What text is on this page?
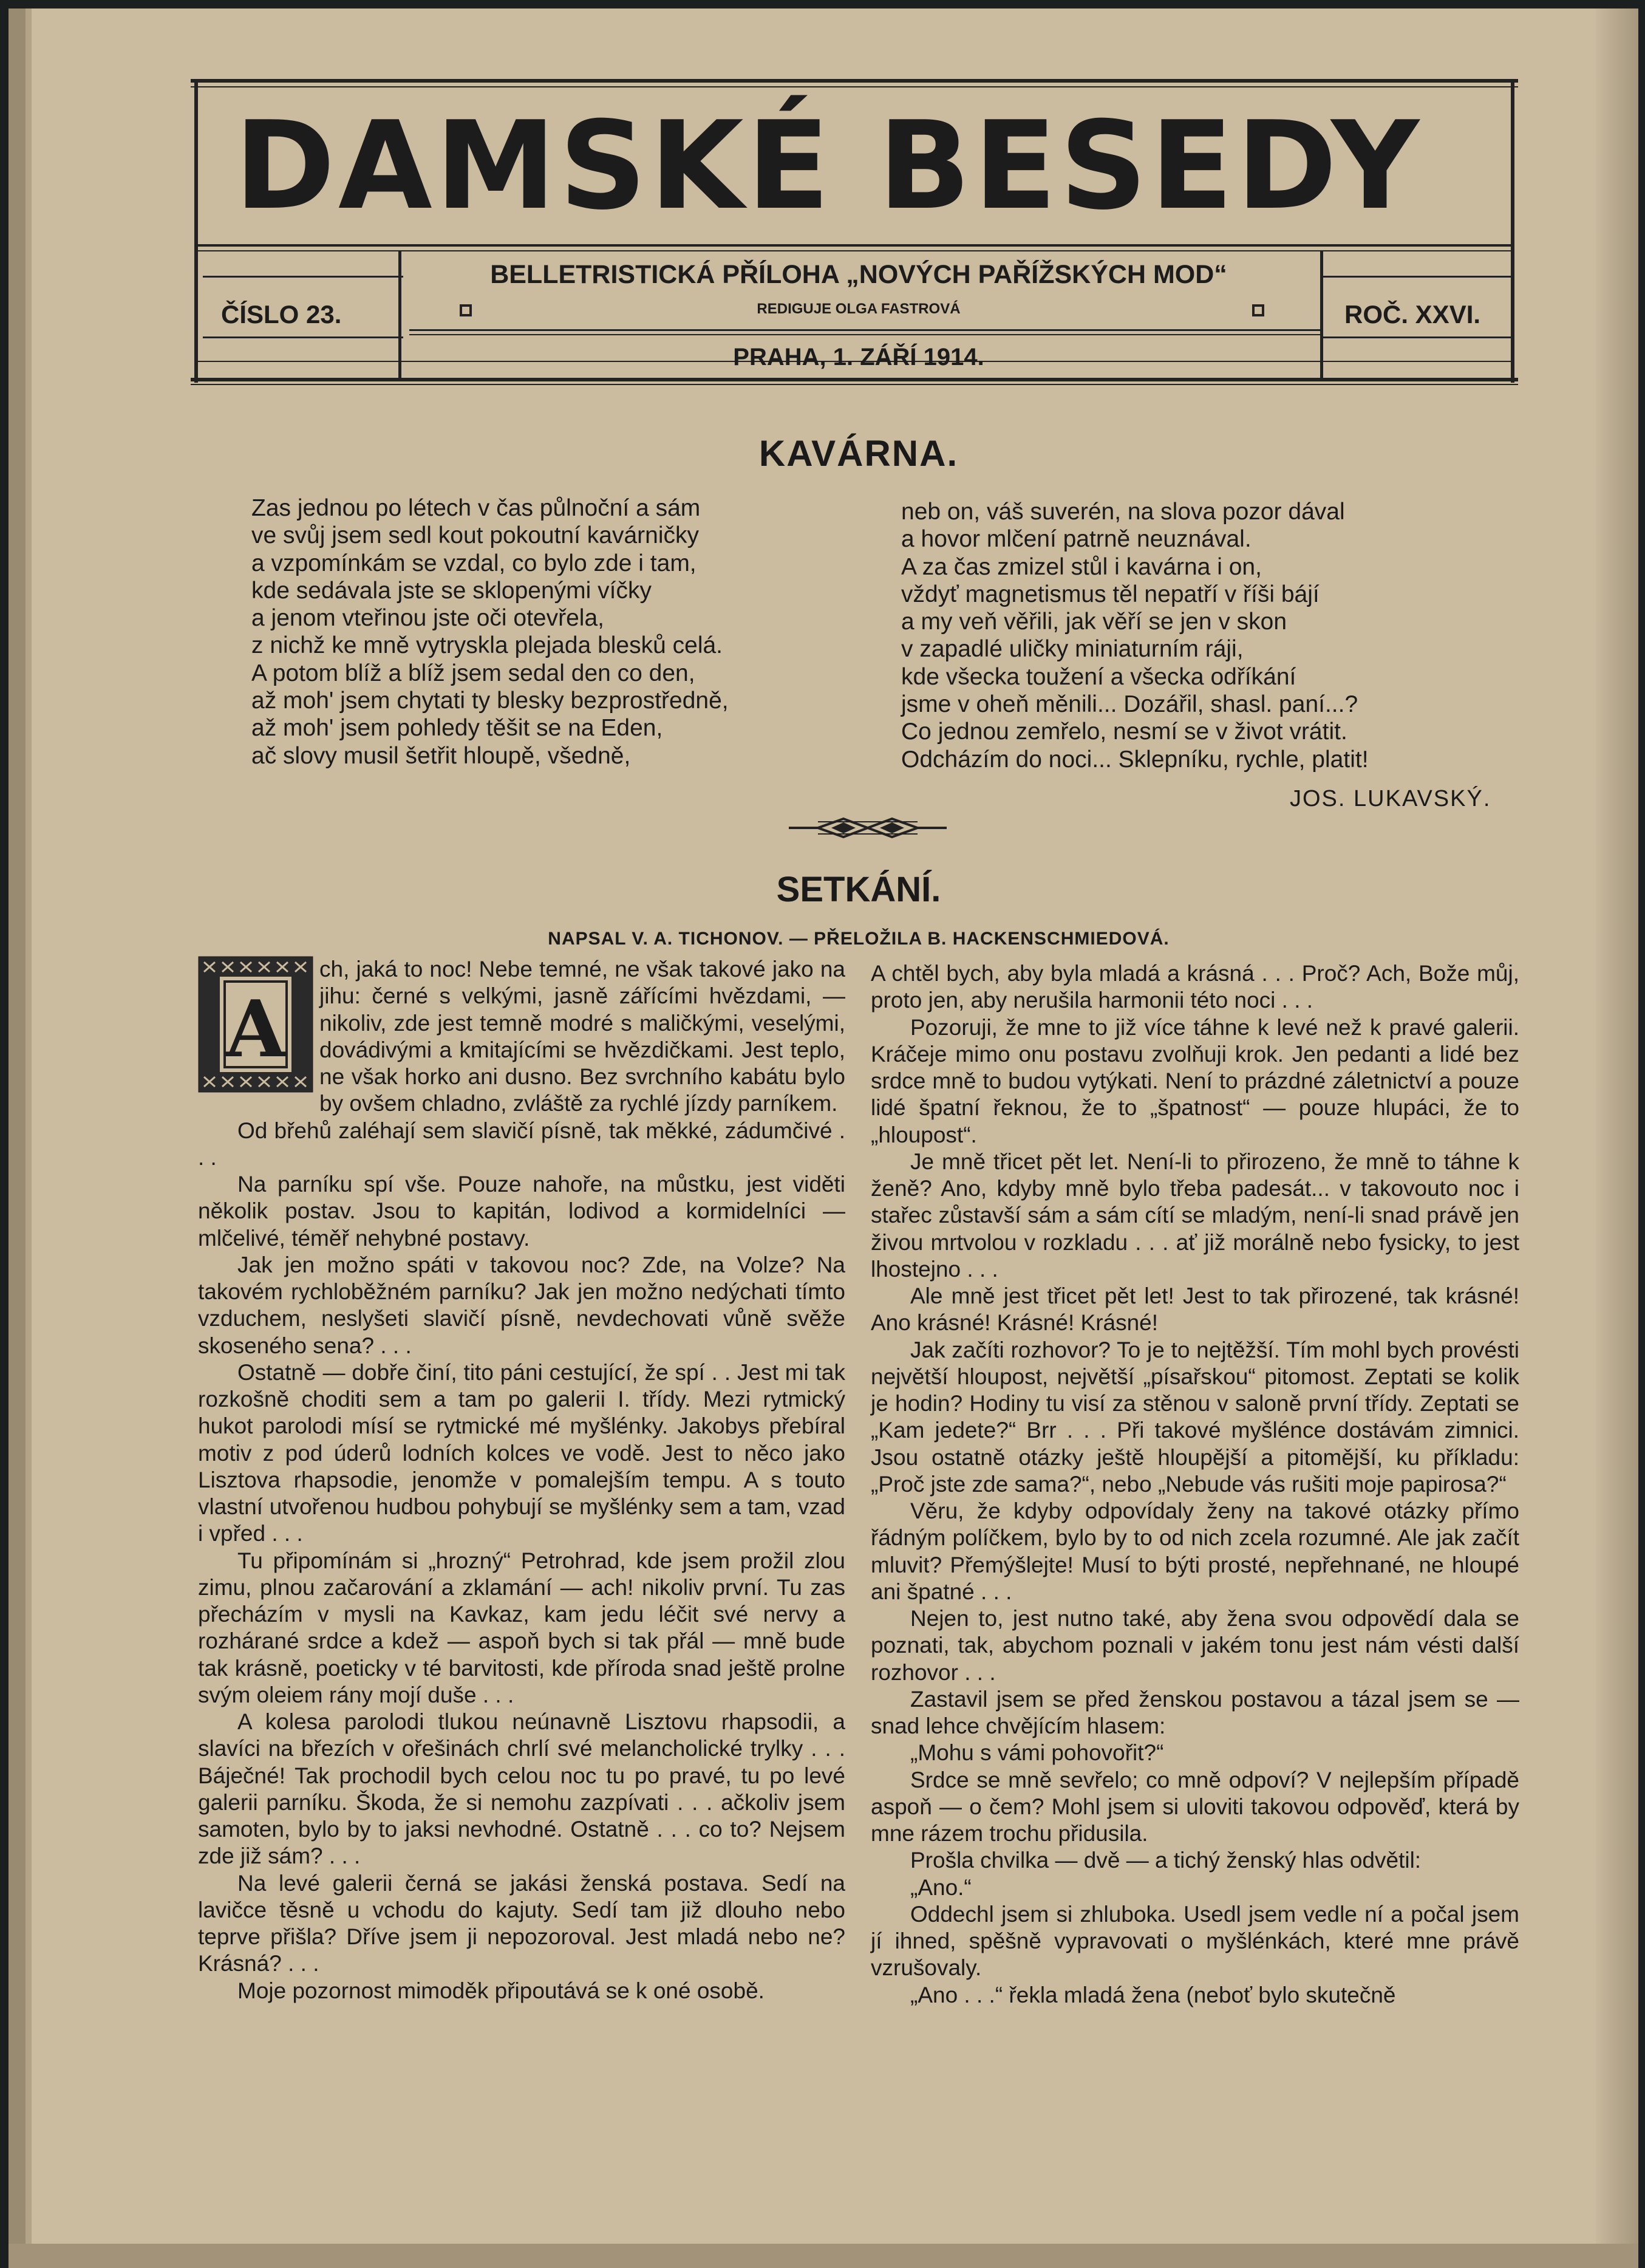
DAMSKÉ BESEDY
ČÍSLO 23.	ROČ. XXVI.
BELLETRISTICKÁ PŘÍLOHA „NOVÝCH PAŘÍŽSKÝCH MOD“
REDIGUJE OLGA FASTROVÁ
PRAHA, 1. ZÁŘÍ 1914.
KAVÁRNA.
Zas jednou po létech v čas půlnoční a sám
ve svůj jsem sedl kout pokoutní kavárničky
a vzpomínkám se vzdal, co bylo zde i tam,
kde sedávala jste se sklopenými víčky
a jenom vteřinou jste oči otevřela,
z nichž ke mně vytryskla plejada blesků celá.
A potom blíž a blíž jsem sedal den co den,
až moh' jsem chytati ty blesky bezprostředně,
až moh' jsem pohledy těšit se na Eden,
ač slovy musil šetřit hloupě, všedně,
neb on, váš suverén, na slova pozor dával
a hovor mlčení patrně neuznával.
A za čas zmizel stůl i kavárna i on,
vždyť magnetismus těl nepatří v říši bájí
a my veň věřili, jak věří se jen v skon
v zapadlé uličky miniaturním ráji,
kde všecka toužení a všecka odříkání
jsme v oheň měnili... Dozářil, shasl. paní...?
Co jednou zemřelo, nesmí se v život vrátit.
Odcházím do noci... Sklepníku, rychle, platit!
JOS. LUKAVSKÝ.
SETKÁNÍ.
NAPSAL V. A. TICHONOV. — PŘELOŽILA B. HACKENSCHMIEDOVÁ.
A

ch, jaká to noc! Nebe temné, ne však takové jako na jihu: černé s velkými, jasně zářícími hvězdami, — nikoliv, zde jest temně modré s maličkými, veselými, dovádivými a kmitajícími se hvězdičkami. Jest teplo, ne však horko ani dusno. Bez svrchního kabátu bylo by ovšem chladno, zvláště za rychlé jízdy parníkem.

Od břehů zaléhají sem slavičí písně, tak měkké, zádumčivé . . .

Na parníku spí vše. Pouze nahoře, na můstku, jest viděti několik postav. Jsou to kapitán, lodivod a kormidelníci — mlčelivé, téměř nehybné postavy.

Jak jen možno spáti v takovou noc? Zde, na Volze? Na takovém rychloběžném parníku? Jak jen možno nedýchati tímto vzduchem, neslyšeti slavičí písně, nevdechovati vůně svěže skoseného sena? . . .

Ostatně — dobře činí, tito páni cestující, že spí . . Jest mi tak rozkošně choditi sem a tam po galerii I. třídy. Mezi rytmický hukot parolodi mísí se rytmické mé myšlénky. Jakobys přebíral motiv z pod úderů lodních kolces ve vodě. Jest to něco jako Lisztova rhapsodie, jenomže v pomalejším tempu. A s touto vlastní utvořenou hudbou pohybují se myšlénky sem a tam, vzad i vpřed . . .

Tu připomínám si „hrozný“ Petrohrad, kde jsem prožil zlou zimu, plnou začarování a zklamání — ach! nikoliv první. Tu zas přecházím v mysli na Kavkaz, kam jedu léčit své nervy a rozhárané srdce a kdež — aspoň bych si tak přál — mně bude tak krásně, poeticky v té barvitosti, kde příroda snad ještě prolne svým oleiem rány mojí duše . . .

A kolesa parolodi tlukou neúnavně Lisztovu rhapsodii, a slavíci na březích v ořešinách chrlí své melancholické trylky . . . Báječné! Tak prochodil bych celou noc tu po pravé, tu po levé galerii parníku. Škoda, že si nemohu zazpívati . . . ačkoliv jsem samoten, bylo by to jaksi nevhodné. Ostatně . . . co to? Nejsem zde již sám? . . .

Na levé galerii černá se jakási ženská postava. Sedí na lavičce těsně u vchodu do kajuty. Sedí tam již dlouho nebo teprve přišla? Dříve jsem ji nepozoroval. Jest mladá nebo ne? Krásná? . . .

Moje pozornost mimoděk připoutává se k oné osobě.

A chtěl bych, aby byla mladá a krásná . . . Proč? Ach, Bože můj, proto jen, aby nerušila harmonii této noci . . .

Pozoruji, že mne to již více táhne k levé než k pravé galerii. Kráčeje mimo onu postavu zvolňuji krok. Jen pedanti a lidé bez srdce mně to budou vytýkati. Není to prázdné záletnictví a pouze lidé špatní řeknou, že to „špatnost“ — pouze hlupáci, že to „hloupost“.

Je mně třicet pět let. Není-li to přirozeno, že mně to táhne k ženě? Ano, kdyby mně bylo třeba padesát... v takovouto noc i stařec zůstavší sám a sám cítí se mladým, není-li snad právě jen živou mrtvolou v rozkladu . . . ať již morálně nebo fysicky, to jest lhostejno . . .

Ale mně jest třicet pět let! Jest to tak přirozené, tak krásné! Ano krásné! Krásné! Krásné!

Jak začíti rozhovor? To je to nejtěžší. Tím mohl bych provésti největší hloupost, největší „písařskou“ pitomost. Zeptati se kolik je hodin? Hodiny tu visí za stěnou v saloně první třídy. Zeptati se „Kam jedete?“ Brr . . . Při takové myšlénce dostávám zimnici. Jsou ostatně otázky ještě hloupější a pitomější, ku příkladu: „Proč jste zde sama?“, nebo „Nebude vás rušiti moje papirosa?“

Věru, že kdyby odpovídaly ženy na takové otázky přímo řádným políčkem, bylo by to od nich zcela rozumné. Ale jak začít mluvit? Přemýšlejte! Musí to býti prosté, nepřehnané, ne hloupé ani špatné . . .

Nejen to, jest nutno také, aby žena svou odpovědí dala se poznati, tak, abychom poznali v jakém tonu jest nám vésti další rozhovor . . .

Zastavil jsem se před ženskou postavou a tázal jsem se — snad lehce chvějícím hlasem:

„Mohu s vámi pohovořit?“

Srdce se mně sevřelo; co mně odpoví? V nejlepším případě aspoň — o čem? Mohl jsem si uloviti takovou odpověď, která by mne rázem trochu přidusila.

Prošla chvilka — dvě — a tichý ženský hlas odvětil:

„Ano.“

Oddechl jsem si zhluboka. Usedl jsem vedle ní a počal jsem jí ihned, spěšně vypravovati o myšlénkách, které mne právě vzrušovaly.

„Ano . . .“ řekla mladá žena (neboť bylo skutečně
